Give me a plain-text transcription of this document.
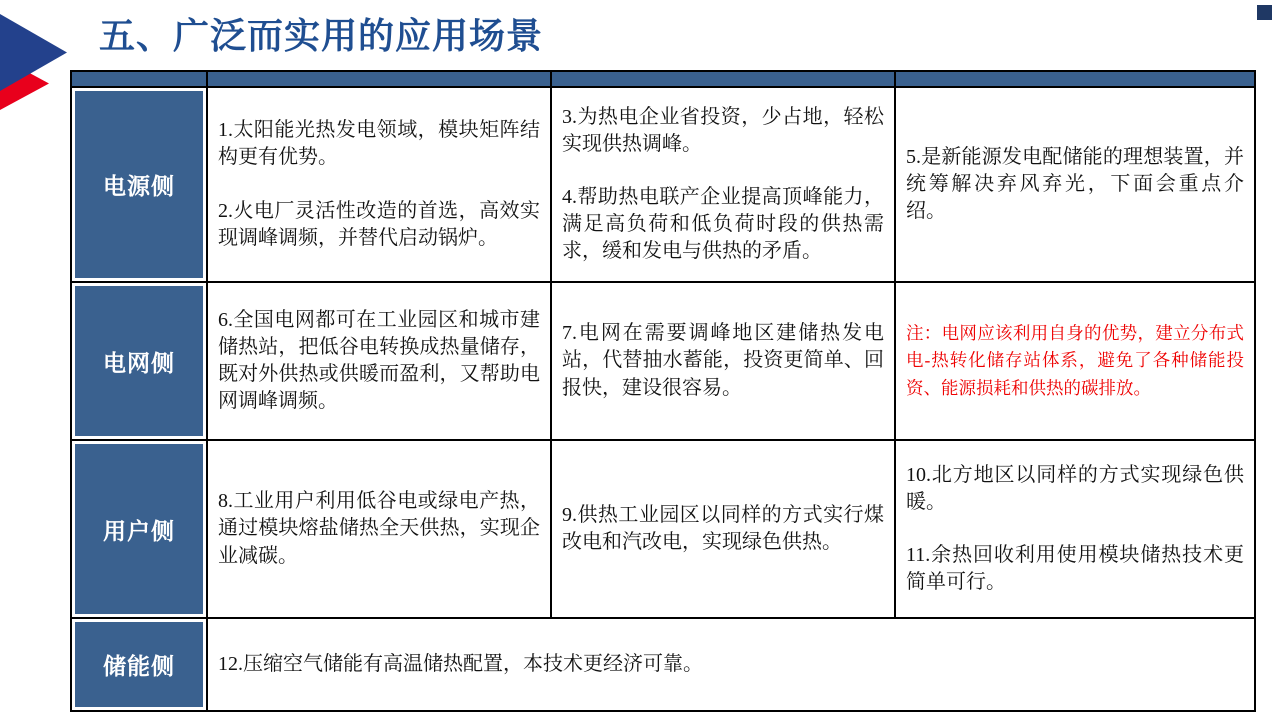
五、广泛而实用的应用场景
电源侧

1.太阳能光热发电领域，模块矩阵结构更有优势。

2.火电厂灵活性改造的首选，高效实现调峰调频，并替代启动锅炉。

3.为热电企业省投资，少占地，轻松实现供热调峰。

4.帮助热电联产企业提高顶峰能力，满足高负荷和低负荷时段的供热需求，缓和发电与供热的矛盾。

5.是新能源发电配储能的理想装置，并统筹解决弃风弃光，下面会重点介绍。

电网侧

6.全国电网都可在工业园区和城市建储热站，把低谷电转换成热量储存，既对外供热或供暖而盈利，又帮助电网调峰调频。

7.电网在需要调峰地区建储热发电站，代替抽水蓄能，投资更简单、回报快，建设很容易。

注：电网应该利用自身的优势，建立分布式电-热转化储存站体系，避免了各种储能投资、能源损耗和供热的碳排放。

用户侧

8.工业用户利用低谷电或绿电产热，通过模块熔盐储热全天供热，实现企业减碳。

9.供热工业园区以同样的方式实行煤改电和汽改电，实现绿色供热。

10.北方地区以同样的方式实现绿色供暖。

11.余热回收利用使用模块储热技术更简单可行。

储能侧	12.压缩空气储能有高温储热配置，本技术更经济可靠。
